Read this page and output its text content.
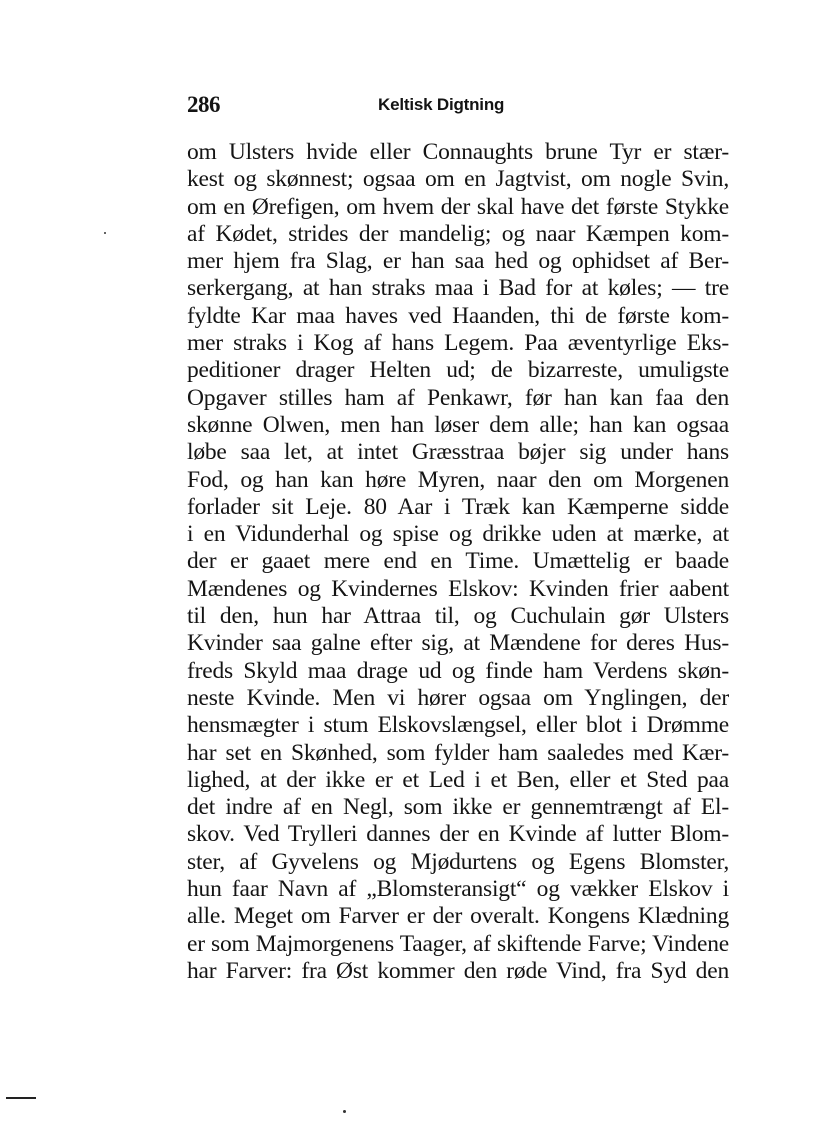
286	Keltisk Digtning
om Ulsters hvide eller Connaughts brune Tyr er stær-
kest og skønnest; ogsaa om en Jagtvist, om nogle Svin,
om en Ørefigen, om hvem der skal have det første Stykke
af Kødet, strides der mandelig; og naar Kæmpen kom-
mer hjem fra Slag, er han saa hed og ophidset af Ber-
serkergang, at han straks maa i Bad for at køles; — tre
fyldte Kar maa haves ved Haanden, thi de første kom-
mer straks i Kog af hans Legem. Paa æventyrlige Eks-
peditioner drager Helten ud; de bizarreste, umuligste
Opgaver stilles ham af Penkawr, før han kan faa den
skønne Olwen, men han løser dem alle; han kan ogsaa
løbe saa let, at intet Græsstraa bøjer sig under hans
Fod, og han kan høre Myren, naar den om Morgenen
forlader sit Leje. 80 Aar i Træk kan Kæmperne sidde
i en Vidunderhal og spise og drikke uden at mærke, at
der er gaaet mere end en Time. Umættelig er baade
Mændenes og Kvindernes Elskov: Kvinden frier aabent
til den, hun har Attraa til, og Cuchulain gør Ulsters
Kvinder saa galne efter sig, at Mændene for deres Hus-
freds Skyld maa drage ud og finde ham Verdens skøn-
neste Kvinde. Men vi hører ogsaa om Ynglingen, der
hensmægter i stum Elskovslængsel, eller blot i Drømme
har set en Skønhed, som fylder ham saaledes med Kær-
lighed, at der ikke er et Led i et Ben, eller et Sted paa
det indre af en Negl, som ikke er gennemtrængt af El-
skov. Ved Trylleri dannes der en Kvinde af lutter Blom-
ster, af Gyvelens og Mjødurtens og Egens Blomster,
hun faar Navn af „Blomsteransigt“ og vækker Elskov i
alle. Meget om Farver er der overalt. Kongens Klædning
er som Majmorgenens Taager, af skiftende Farve; Vindene
har Farver: fra Øst kommer den røde Vind, fra Syd den
